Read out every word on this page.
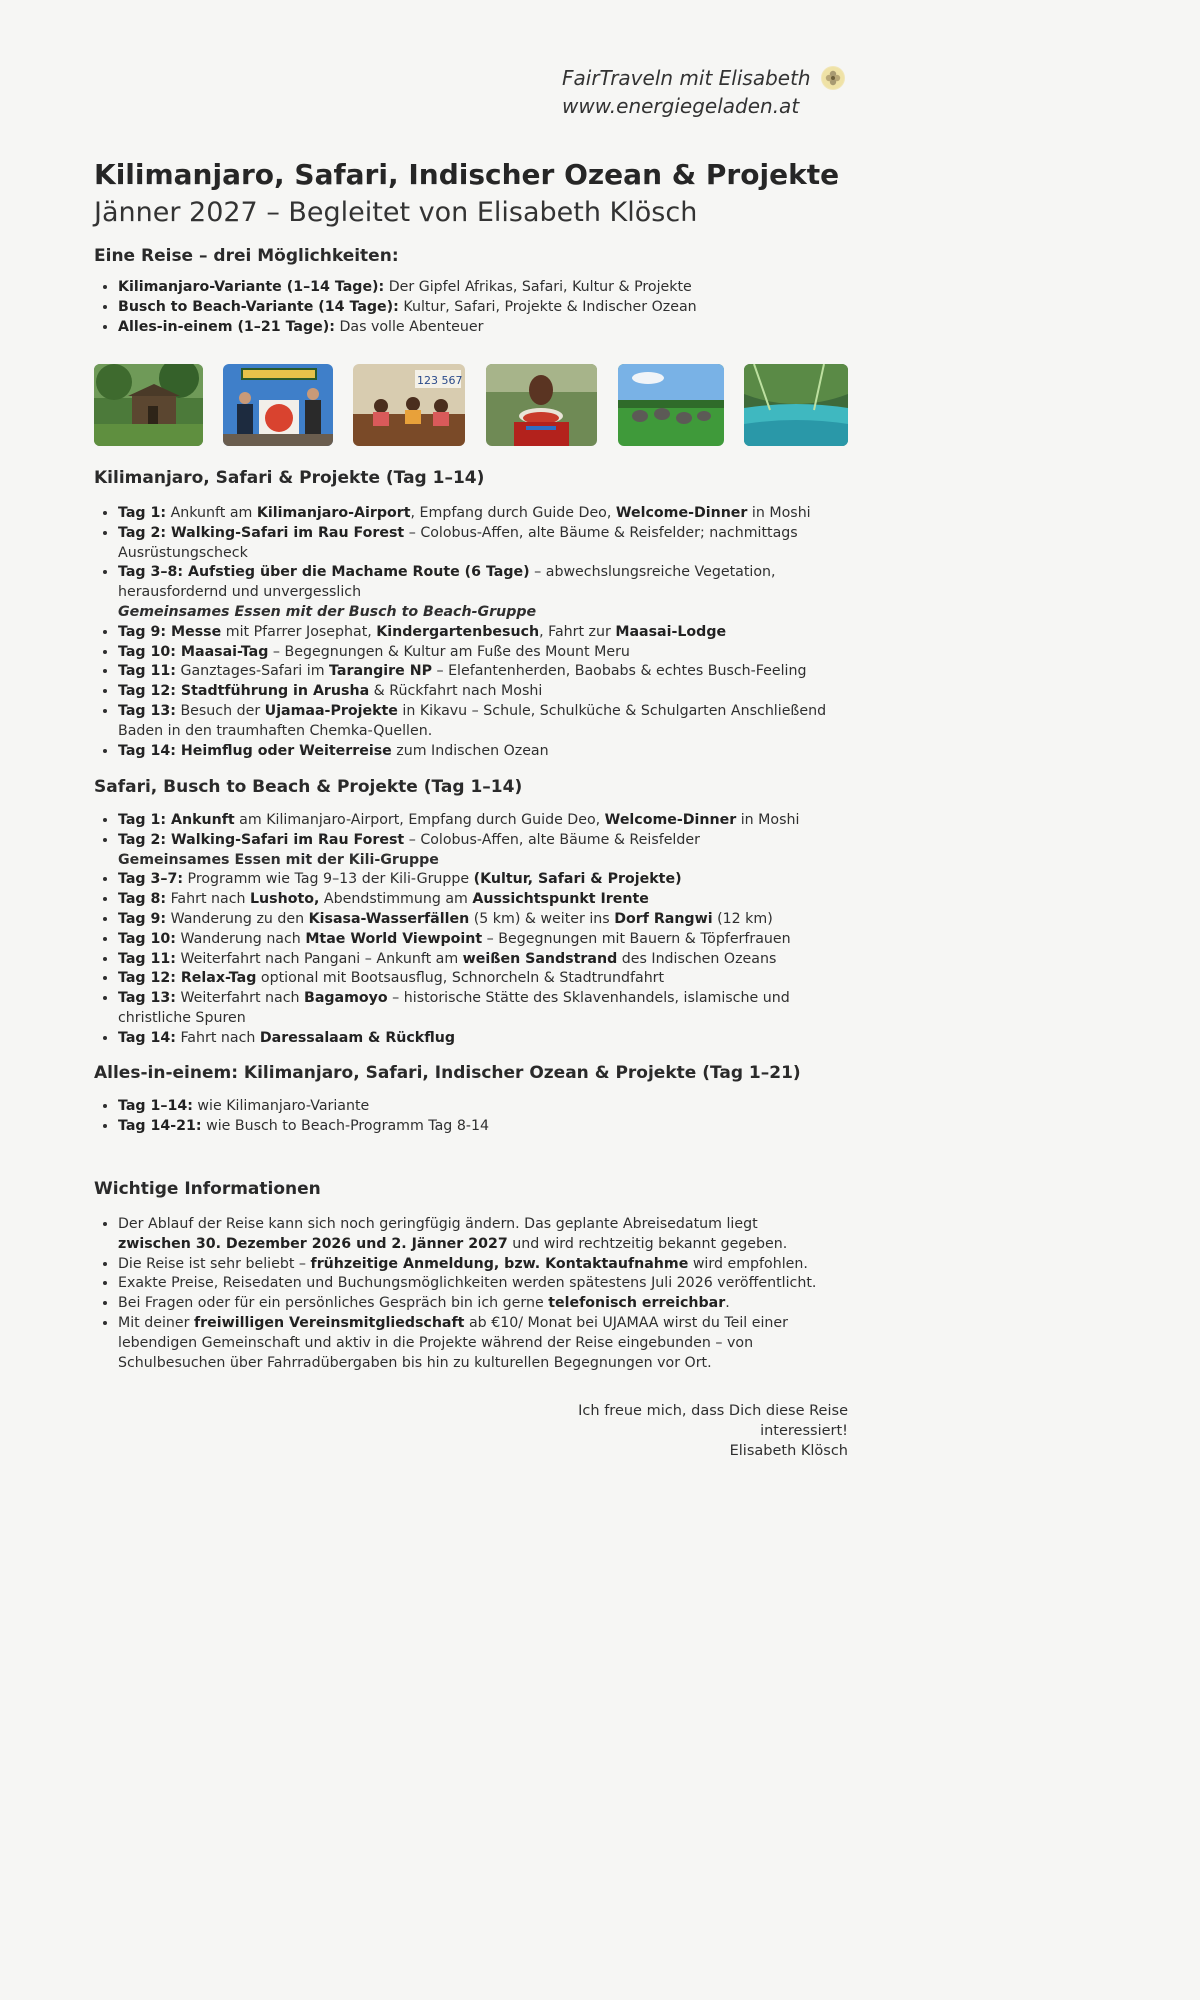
FairTraveln mit Elisabeth
www.energiegeladen.at
Kilimanjaro, Safari, Indischer Ozean & Projekte
Jänner 2027 – Begleitet von Elisabeth Klösch
Eine Reise – drei Möglichkeiten:
• Kilimanjaro-Variante (1–14 Tage): Der Gipfel Afrikas, Safari, Kultur & Projekte
• Busch to Beach-Variante (14 Tage): Kultur, Safari, Projekte & Indischer Ozean
• Alles-in-einem (1–21 Tage): Das volle Abenteuer
123 567
Kilimanjaro, Safari & Projekte (Tag 1–14)
• Tag 1: Ankunft am Kilimanjaro-Airport, Empfang durch Guide Deo, Welcome-Dinner in Moshi
• Tag 2: Walking-Safari im Rau Forest – Colobus-Affen, alte Bäume & Reisfelder; nachmittags Ausrüstungscheck
• Tag 3–8: Aufstieg über die Machame Route (6 Tage) – abwechslungsreiche Vegetation, herausfordernd und unvergesslich
Gemeinsames Essen mit der Busch to Beach-Gruppe
• Tag 9: Messe mit Pfarrer Josephat, Kindergartenbesuch, Fahrt zur Maasai-Lodge
• Tag 10: Maasai-Tag – Begegnungen & Kultur am Fuße des Mount Meru
• Tag 11: Ganztages-Safari im Tarangire NP – Elefantenherden, Baobabs & echtes Busch-Feeling
• Tag 12: Stadtführung in Arusha & Rückfahrt nach Moshi
• Tag 13: Besuch der Ujamaa-Projekte in Kikavu – Schule, Schulküche & Schulgarten Anschließend Baden in den traumhaften Chemka-Quellen.
• Tag 14: Heimflug oder Weiterreise zum Indischen Ozean
Safari, Busch to Beach & Projekte (Tag 1–14)
• Tag 1: Ankunft am Kilimanjaro-Airport, Empfang durch Guide Deo, Welcome-Dinner in Moshi
• Tag 2: Walking-Safari im Rau Forest – Colobus-Affen, alte Bäume & Reisfelder
Gemeinsames Essen mit der Kili-Gruppe
• Tag 3–7: Programm wie Tag 9–13 der Kili-Gruppe (Kultur, Safari & Projekte)
• Tag 8: Fahrt nach Lushoto, Abendstimmung am Aussichtspunkt Irente
• Tag 9: Wanderung zu den Kisasa-Wasserfällen (5 km) & weiter ins Dorf Rangwi (12 km)
• Tag 10: Wanderung nach Mtae World Viewpoint – Begegnungen mit Bauern & Töpferfrauen
• Tag 11: Weiterfahrt nach Pangani – Ankunft am weißen Sandstrand des Indischen Ozeans
• Tag 12: Relax-Tag optional mit Bootsausflug, Schnorcheln & Stadtrundfahrt
• Tag 13: Weiterfahrt nach Bagamoyo – historische Stätte des Sklavenhandels, islamische und christliche Spuren
• Tag 14: Fahrt nach Daressalaam & Rückflug
Alles-in-einem: Kilimanjaro, Safari, Indischer Ozean & Projekte (Tag 1–21)
• Tag 1–14: wie Kilimanjaro-Variante
• Tag 14-21: wie Busch to Beach-Programm Tag 8-14
Wichtige Informationen
• Der Ablauf der Reise kann sich noch geringfügig ändern. Das geplante Abreisedatum liegt zwischen 30. Dezember 2026 und 2. Jänner 2027 und wird rechtzeitig bekannt gegeben.
• Die Reise ist sehr beliebt – frühzeitige Anmeldung, bzw. Kontaktaufnahme wird empfohlen.
• Exakte Preise, Reisedaten und Buchungsmöglichkeiten werden spätestens Juli 2026 veröffentlicht.
• Bei Fragen oder für ein persönliches Gespräch bin ich gerne telefonisch erreichbar.
• Mit deiner freiwilligen Vereinsmitgliedschaft ab €10/ Monat bei UJAMAA wirst du Teil einer lebendigen Gemeinschaft und aktiv in die Projekte während der Reise eingebunden – von Schulbesuchen über Fahrradübergaben bis hin zu kulturellen Begegnungen vor Ort.
Ich freue mich, dass Dich diese Reise interessiert!
Elisabeth Klösch
